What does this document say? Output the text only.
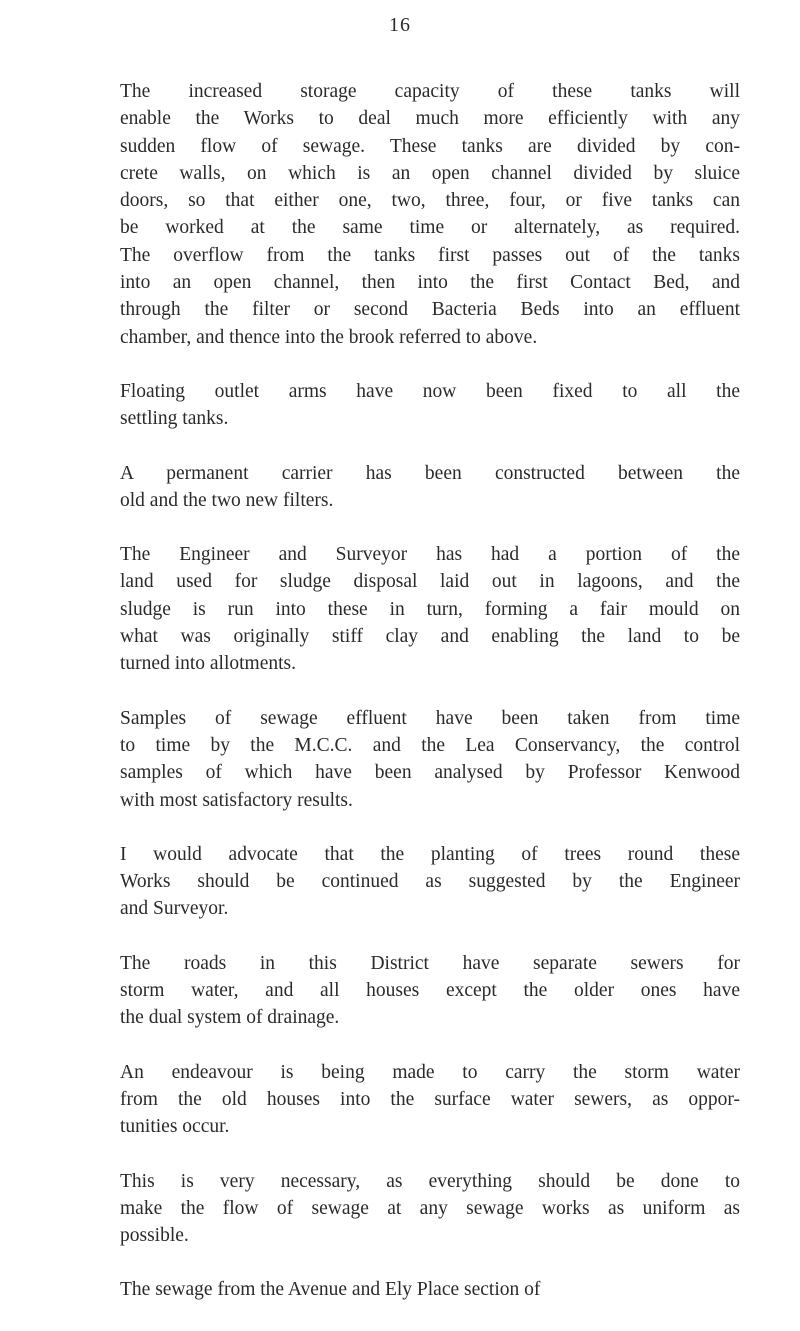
16

The increased storage capacity of these tanks will
enable the Works to deal much more efficiently with any
sudden flow of sewage. These tanks are divided by con-
crete walls, on which is an open channel divided by sluice
doors, so that either one, two, three, four, or five tanks can
be worked at the same time or alternately, as required.
The overflow from the tanks first passes out of the tanks
into an open channel, then into the first Contact Bed, and
through the filter or second Bacteria Beds into an effluent
chamber, and thence into the brook referred to above.

Floating outlet arms have now been fixed to all the
settling tanks.

A permanent carrier has been constructed between the
old and the two new filters.

The Engineer and Surveyor has had a portion of the
land used for sludge disposal laid out in lagoons, and the
sludge is run into these in turn, forming a fair mould on
what was originally stiff clay and enabling the land to be
turned into allotments.

Samples of sewage effluent have been taken from time
to time by the M.C.C. and the Lea Conservancy, the control
samples of which have been analysed by Professor Kenwood
with most satisfactory results.

I would advocate that the planting of trees round these
Works should be continued as suggested by the Engineer
and Surveyor.

The roads in this District have separate sewers for
storm water, and all houses except the older ones have
the dual system of drainage.

An endeavour is being made to carry the storm water
from the old houses into the surface water sewers, as oppor-
tunities occur.

This is very necessary, as everything should be done to
make the flow of sewage at any sewage works as uniform as
possible.

The sewage from the Avenue and Ely Place section of
